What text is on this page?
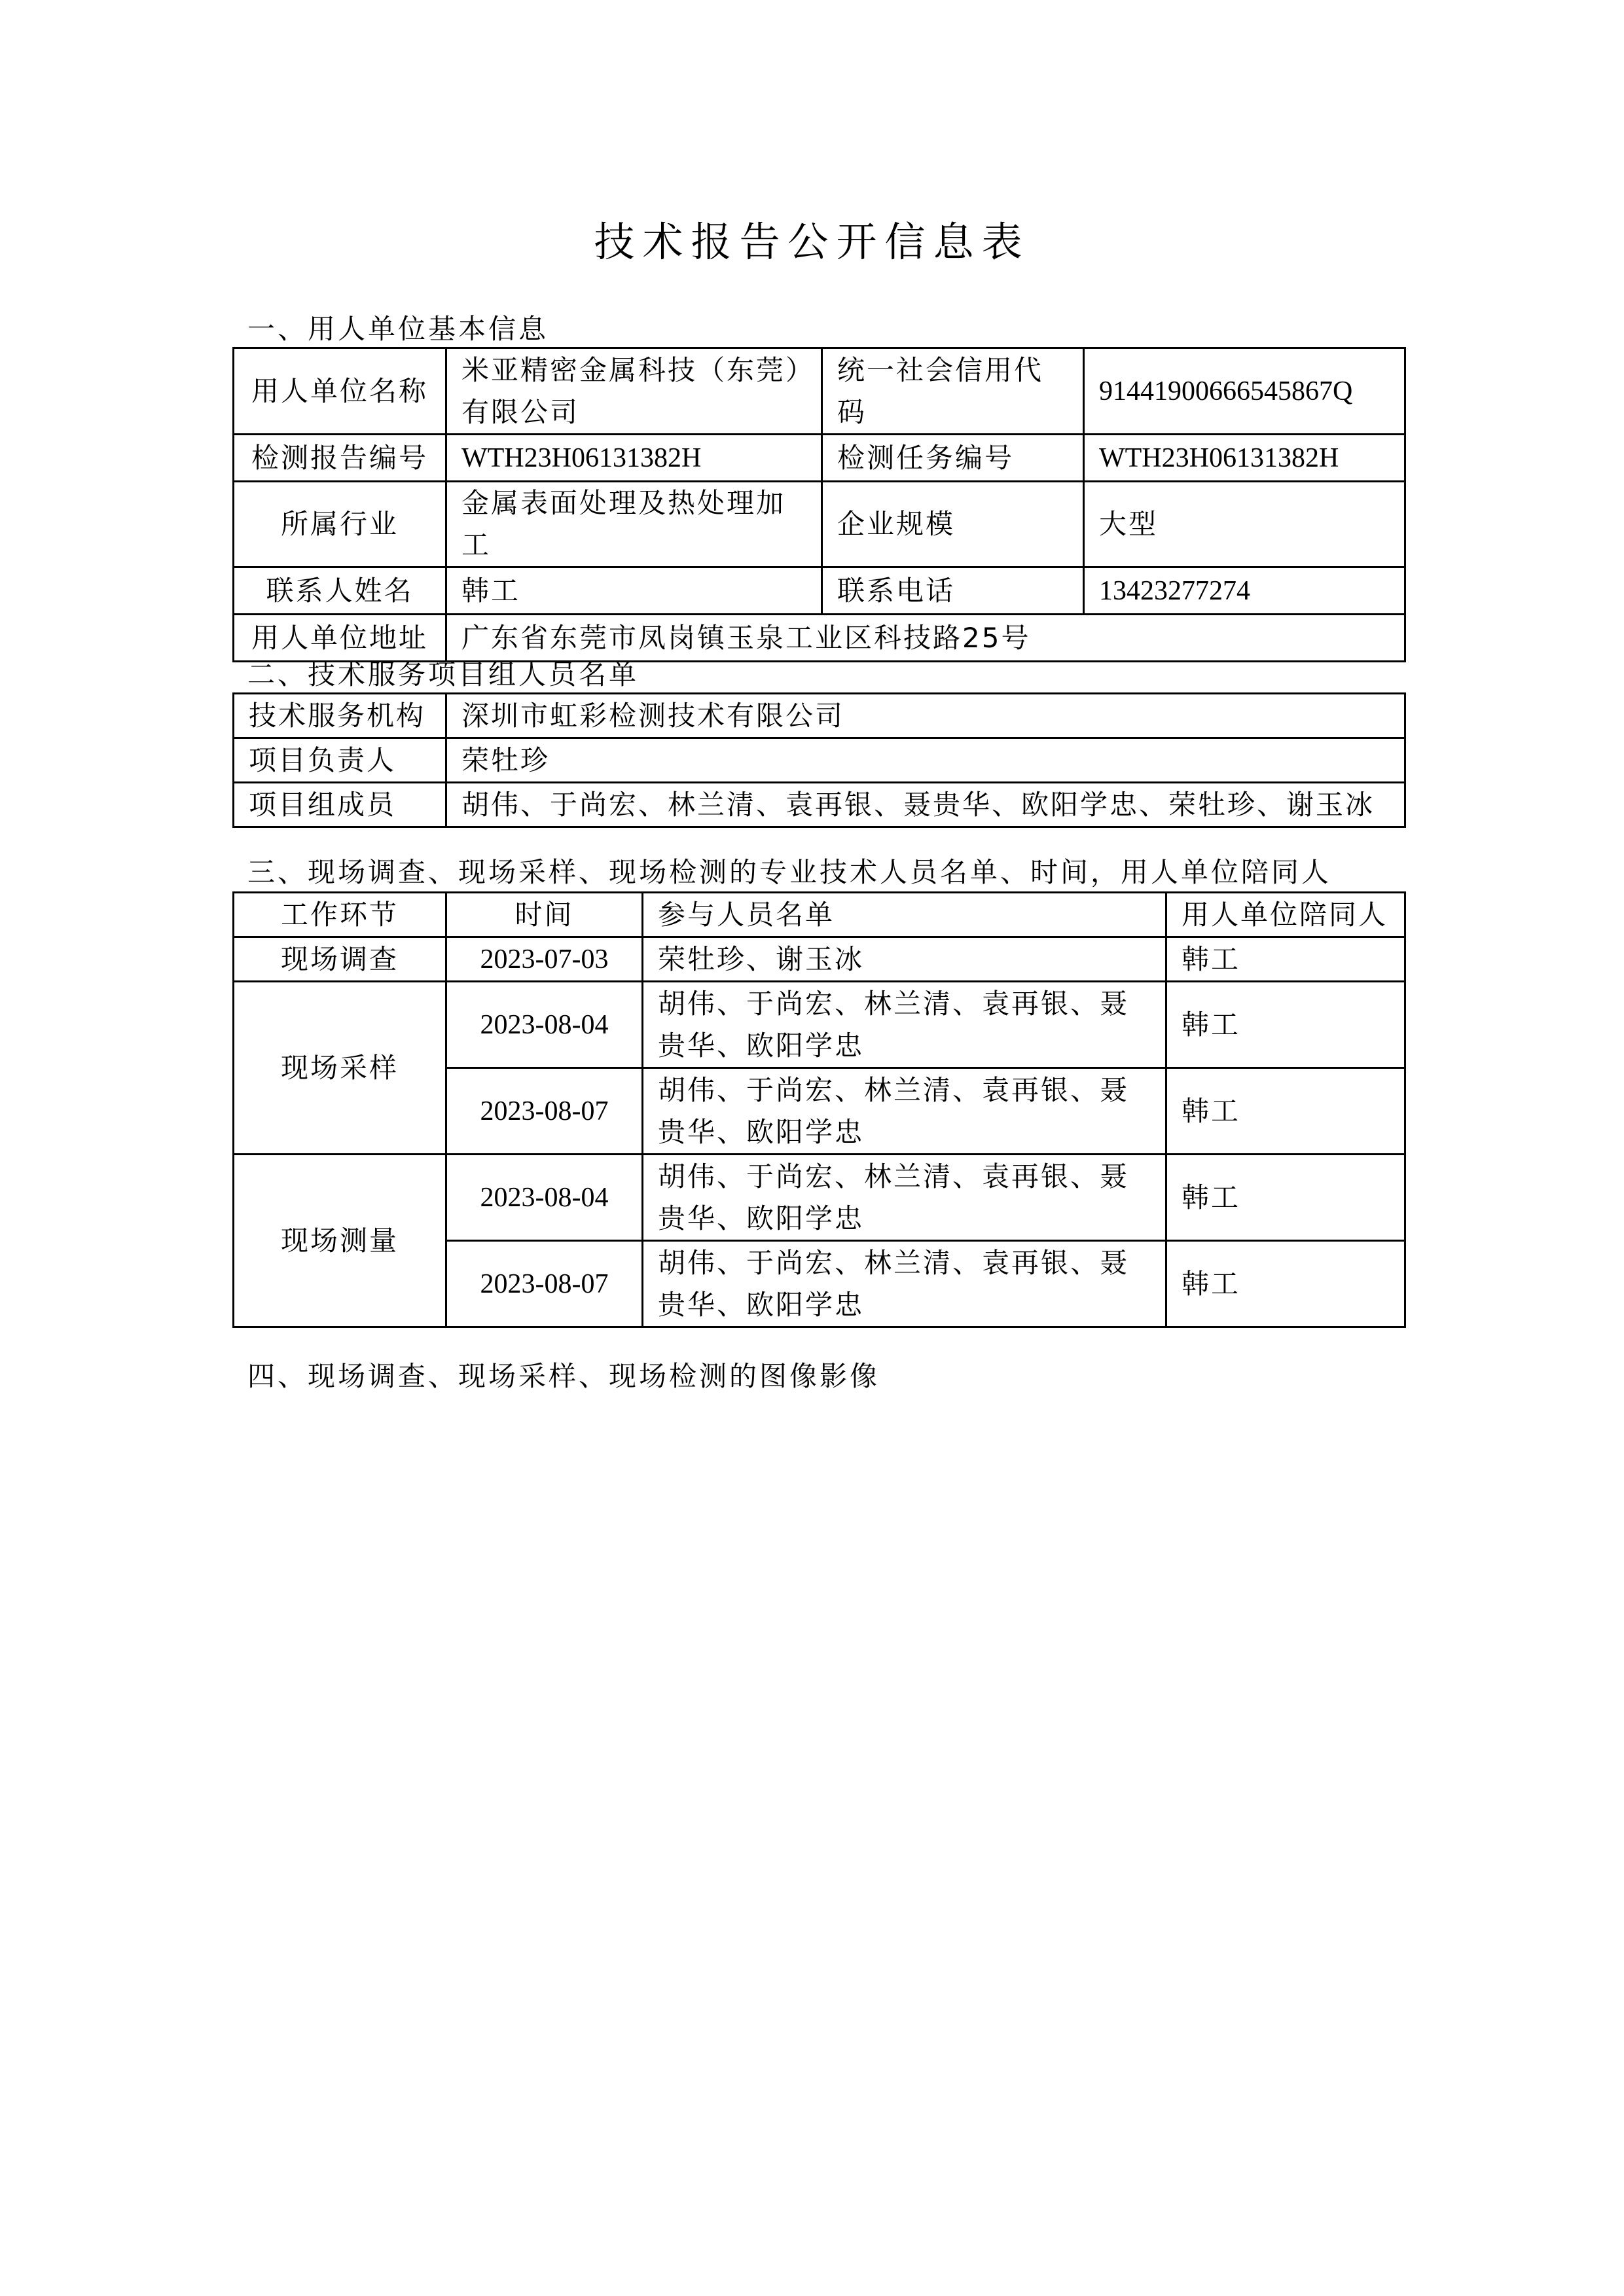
技术报告公开信息表
一、用人单位基本信息
用人单位名称	米亚精密金属科技（东莞）有限公司	统一社会信用代码	91441900666545867Q
检测报告编号	WTH23H06131382H	检测任务编号	WTH23H06131382H
所属行业	金属表面处理及热处理加工	企业规模	大型
联系人姓名	韩工	联系电话	13423277274
用人单位地址	广东省东莞市凤岗镇玉泉工业区科技路25号		
二、技术服务项目组人员名单
技术服务机构	深圳市虹彩检测技术有限公司
项目负责人	荣牡珍
项目组成员	胡伟、于尚宏、林兰清、袁再银、聂贵华、欧阳学忠、荣牡珍、谢玉冰
三、现场调查、现场采样、现场检测的专业技术人员名单、时间，用人单位陪同人
工作环节	时间	参与人员名单	用人单位陪同人
现场调查	2023-07-03	荣牡珍、谢玉冰	韩工
现场采样	2023-08-04	胡伟、于尚宏、林兰清、袁再银、聂贵华、欧阳学忠	韩工
	2023-08-07	胡伟、于尚宏、林兰清、袁再银、聂贵华、欧阳学忠	韩工
现场测量	2023-08-04	胡伟、于尚宏、林兰清、袁再银、聂贵华、欧阳学忠	韩工
	2023-08-07	胡伟、于尚宏、林兰清、袁再银、聂贵华、欧阳学忠	韩工
四、现场调查、现场采样、现场检测的图像影像
